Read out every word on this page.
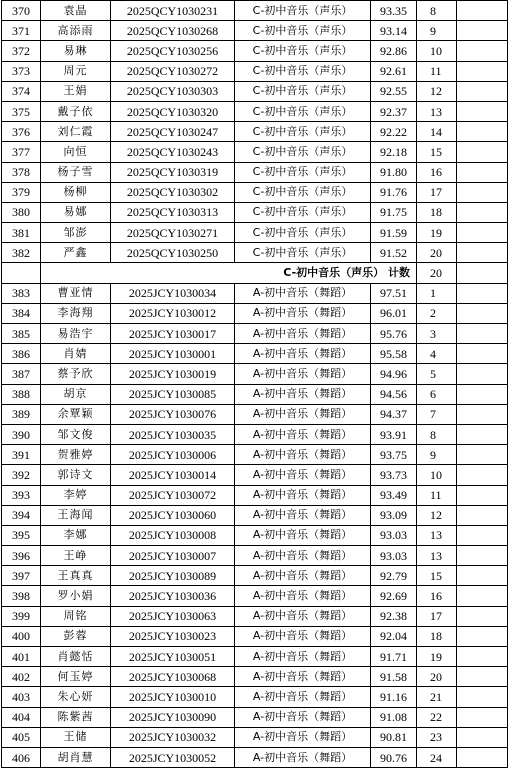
370	袁晶	2025QCY1030231	C-初中音乐（声乐）	93.35	8	
371	高添雨	2025QCY1030268	C-初中音乐（声乐）	93.14	9	
372	易琳	2025QCY1030256	C-初中音乐（声乐）	92.86	10	
373	周元	2025QCY1030272	C-初中音乐（声乐）	92.61	11	
374	王娟	2025QCY1030303	C-初中音乐（声乐）	92.55	12	
375	戴子依	2025QCY1030320	C-初中音乐（声乐）	92.37	13	
376	刘仁霞	2025QCY1030247	C-初中音乐（声乐）	92.22	14	
377	向恒	2025QCY1030243	C-初中音乐（声乐）	92.18	15	
378	杨子雪	2025QCY1030319	C-初中音乐（声乐）	91.80	16	
379	杨柳	2025QCY1030302	C-初中音乐（声乐）	91.76	17	
380	易娜	2025QCY1030313	C-初中音乐（声乐）	91.75	18	
381	邹澎	2025QCY1030271	C-初中音乐（声乐）	91.59	19	
382	严鑫	2025QCY1030250	C-初中音乐（声乐）	91.52	20	
	C-初中音乐（声乐） 计数				20	
383	曹亚情	2025JCY1030034	A-初中音乐（舞蹈）	97.51	1	
384	李海翔	2025JCY1030012	A-初中音乐（舞蹈）	96.01	2	
385	易浩宇	2025JCY1030017	A-初中音乐（舞蹈）	95.76	3	
386	肖婧	2025JCY1030001	A-初中音乐（舞蹈）	95.58	4	
387	蔡予欣	2025JCY1030019	A-初中音乐（舞蹈）	94.96	5	
388	胡京	2025JCY1030085	A-初中音乐（舞蹈）	94.56	6	
389	余覃颖	2025JCY1030076	A-初中音乐（舞蹈）	94.37	7	
390	邹文俊	2025JCY1030035	A-初中音乐（舞蹈）	93.91	8	
391	贺雅婷	2025JCY1030006	A-初中音乐（舞蹈）	93.75	9	
392	郭诗文	2025JCY1030014	A-初中音乐（舞蹈）	93.73	10	
393	李婷	2025JCY1030072	A-初中音乐（舞蹈）	93.49	11	
394	王海闻	2025JCY1030060	A-初中音乐（舞蹈）	93.09	12	
395	李娜	2025JCY1030008	A-初中音乐（舞蹈）	93.03	13	
396	王峥	2025JCY1030007	A-初中音乐（舞蹈）	93.03	13	
397	王真真	2025JCY1030089	A-初中音乐（舞蹈）	92.79	15	
398	罗小娟	2025JCY1030036	A-初中音乐（舞蹈）	92.69	16	
399	周铭	2025JCY1030063	A-初中音乐（舞蹈）	92.38	17	
400	彭蓉	2025JCY1030023	A-初中音乐（舞蹈）	92.04	18	
401	肖懿恬	2025JCY1030051	A-初中音乐（舞蹈）	91.71	19	
402	何玉婷	2025JCY1030068	A-初中音乐（舞蹈）	91.58	20	
403	朱心妍	2025JCY1030010	A-初中音乐（舞蹈）	91.16	21	
404	陈紫茜	2025JCY1030090	A-初中音乐（舞蹈）	91.08	22	
405	王储	2025JCY1030032	A-初中音乐（舞蹈）	90.81	23	
406	胡肖慧	2025JCY1030052	A-初中音乐（舞蹈）	90.76	24	
